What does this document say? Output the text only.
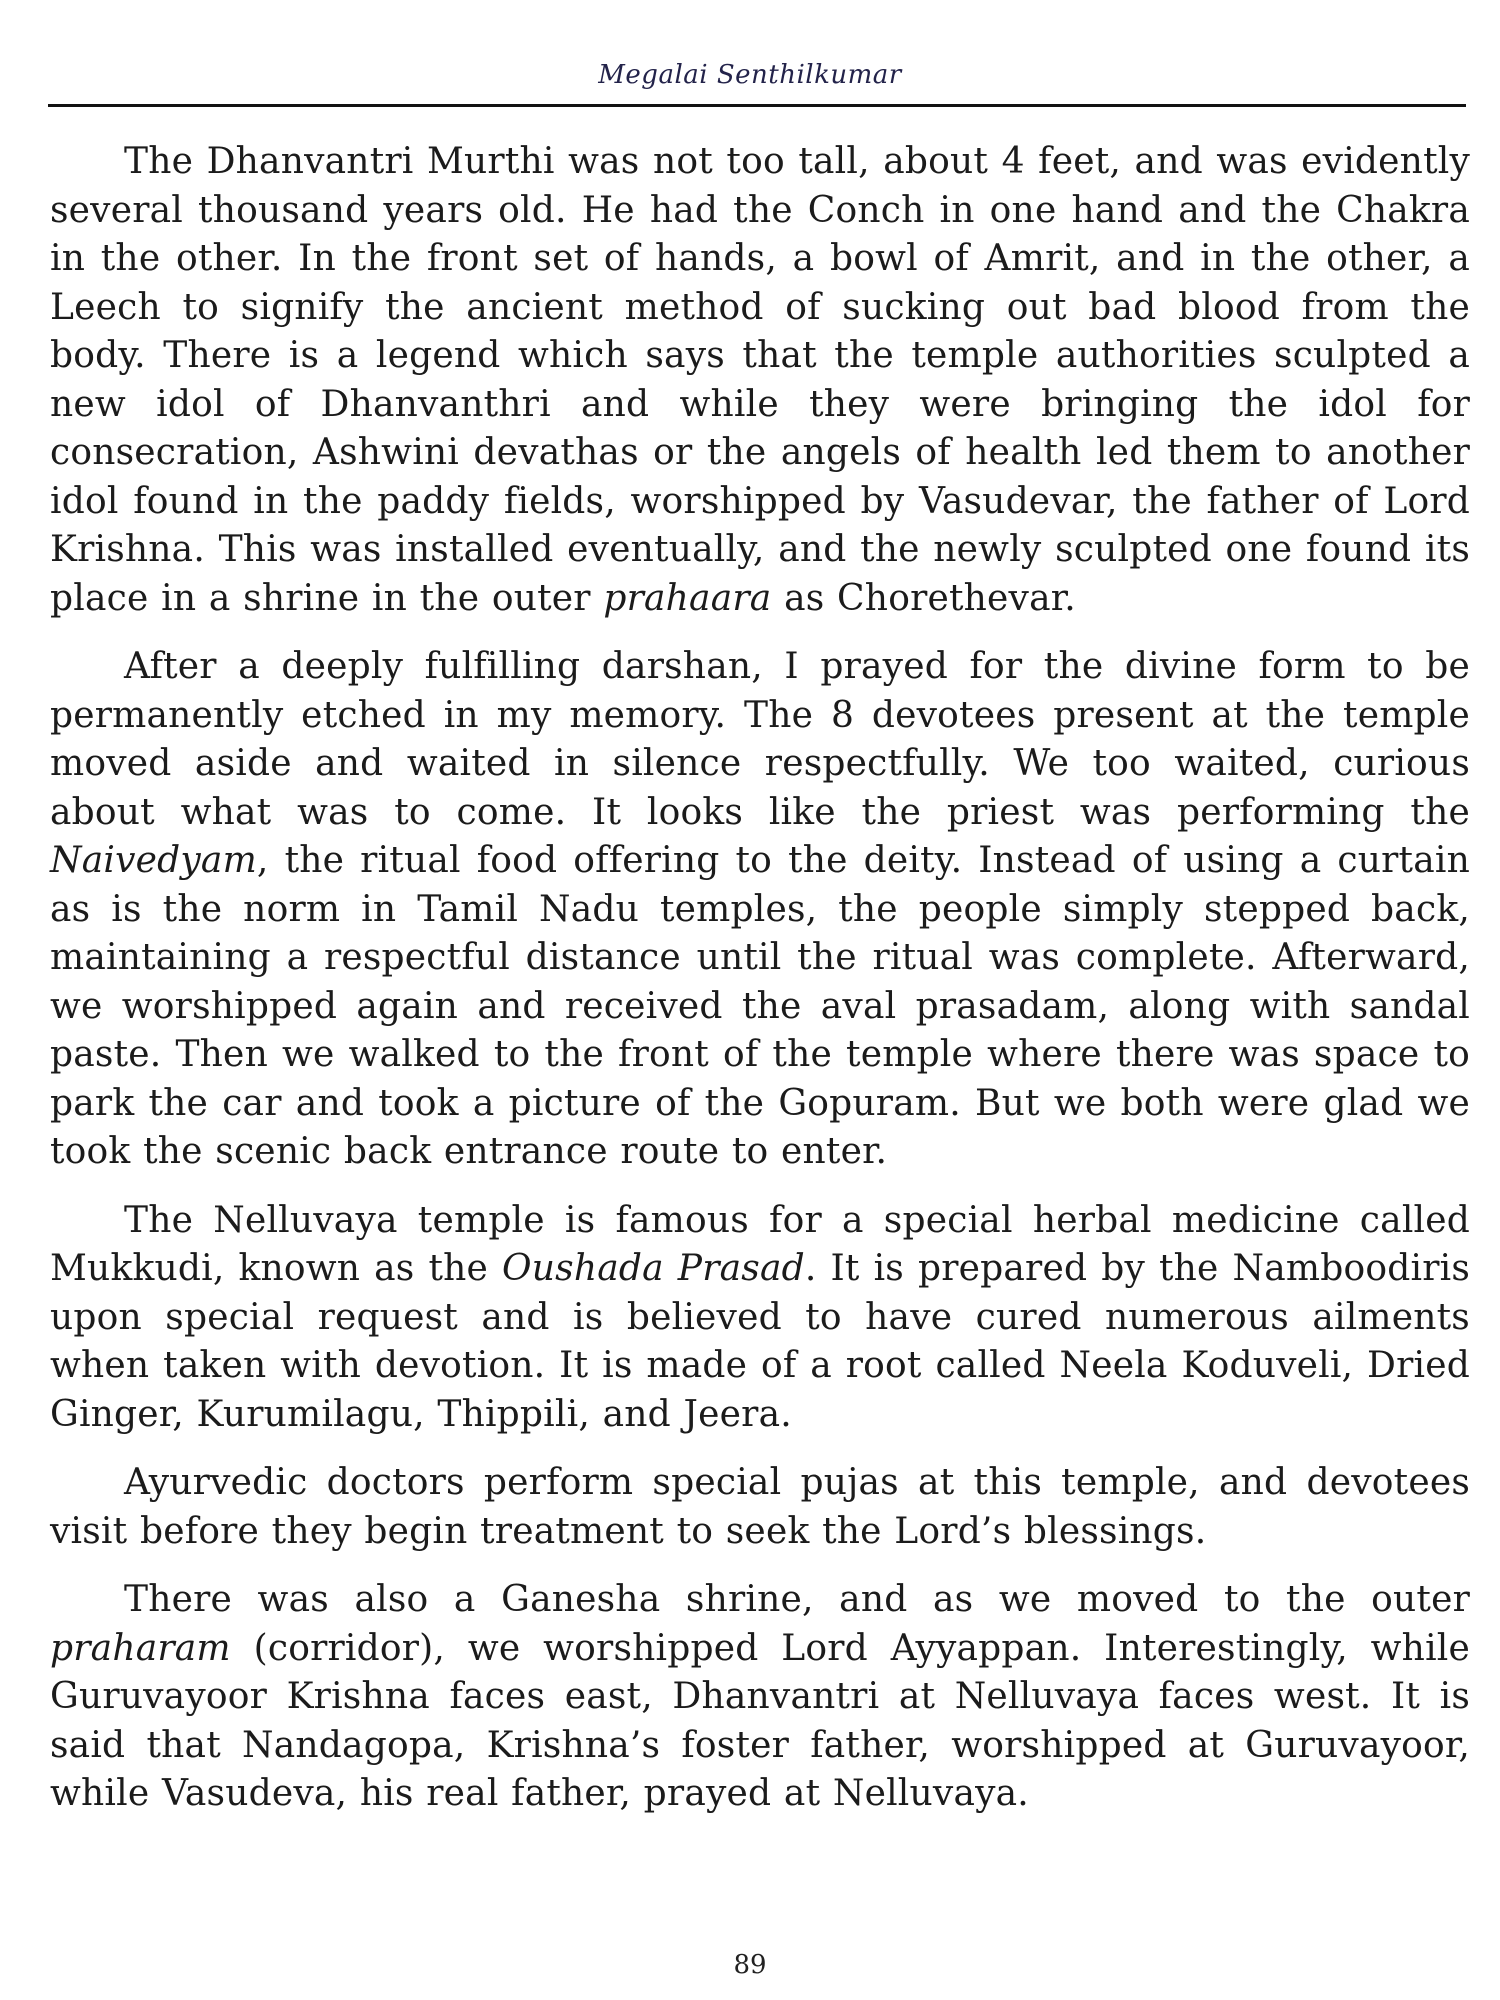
Megalai Senthilkumar

The Dhanvantri Murthi was not too tall, about 4 feet, and was evidently several thousand years old. He had the Conch in one hand and the Chakra in the other. In the front set of hands, a bowl of Amrit, and in the other, a Leech to signify the ancient method of sucking out bad blood from the body. There is a legend which says that the temple authorities sculpted a new idol of Dhanvanthri and while they were bringing the idol for consecration, Ashwini devathas or the angels of health led them to another idol found in the paddy fields, worshipped by Vasudevar, the father of Lord Krishna. This was installed eventually, and the newly sculpted one found its place in a shrine in the outer prahaara as Chorethevar.

After a deeply fulfilling darshan, I prayed for the divine form to be permanently etched in my memory. The 8 devotees present at the temple moved aside and waited in silence respectfully. We too waited, curious about what was to come. It looks like the priest was performing the Naivedyam, the ritual food offering to the deity. Instead of using a curtain as is the norm in Tamil Nadu temples, the people simply stepped back, maintaining a respectful distance until the ritual was complete. Afterward, we worshipped again and received the aval prasadam, along with sandal paste. Then we walked to the front of the temple where there was space to park the car and took a picture of the Gopuram. But we both were glad we took the scenic back entrance route to enter.

The Nelluvaya temple is famous for a special herbal medicine called Mukkudi, known as the Oushada Prasad. It is prepared by the Namboodiris upon special request and is believed to have cured numerous ailments when taken with devotion. It is made of a root called Neela Koduveli, Dried Ginger, Kurumilagu, Thippili, and Jeera.

Ayurvedic doctors perform special pujas at this temple, and devotees visit before they begin treatment to seek the Lord’s blessings.

There was also a Ganesha shrine, and as we moved to the outer praharam (corridor), we worshipped Lord Ayyappan. Interestingly, while Guruvayoor Krishna faces east, Dhanvantri at Nelluvaya faces west. It is said that Nandagopa, Krishna’s foster father, worshipped at Guruvayoor, while Vasudeva, his real father, prayed at Nelluvaya.

89
